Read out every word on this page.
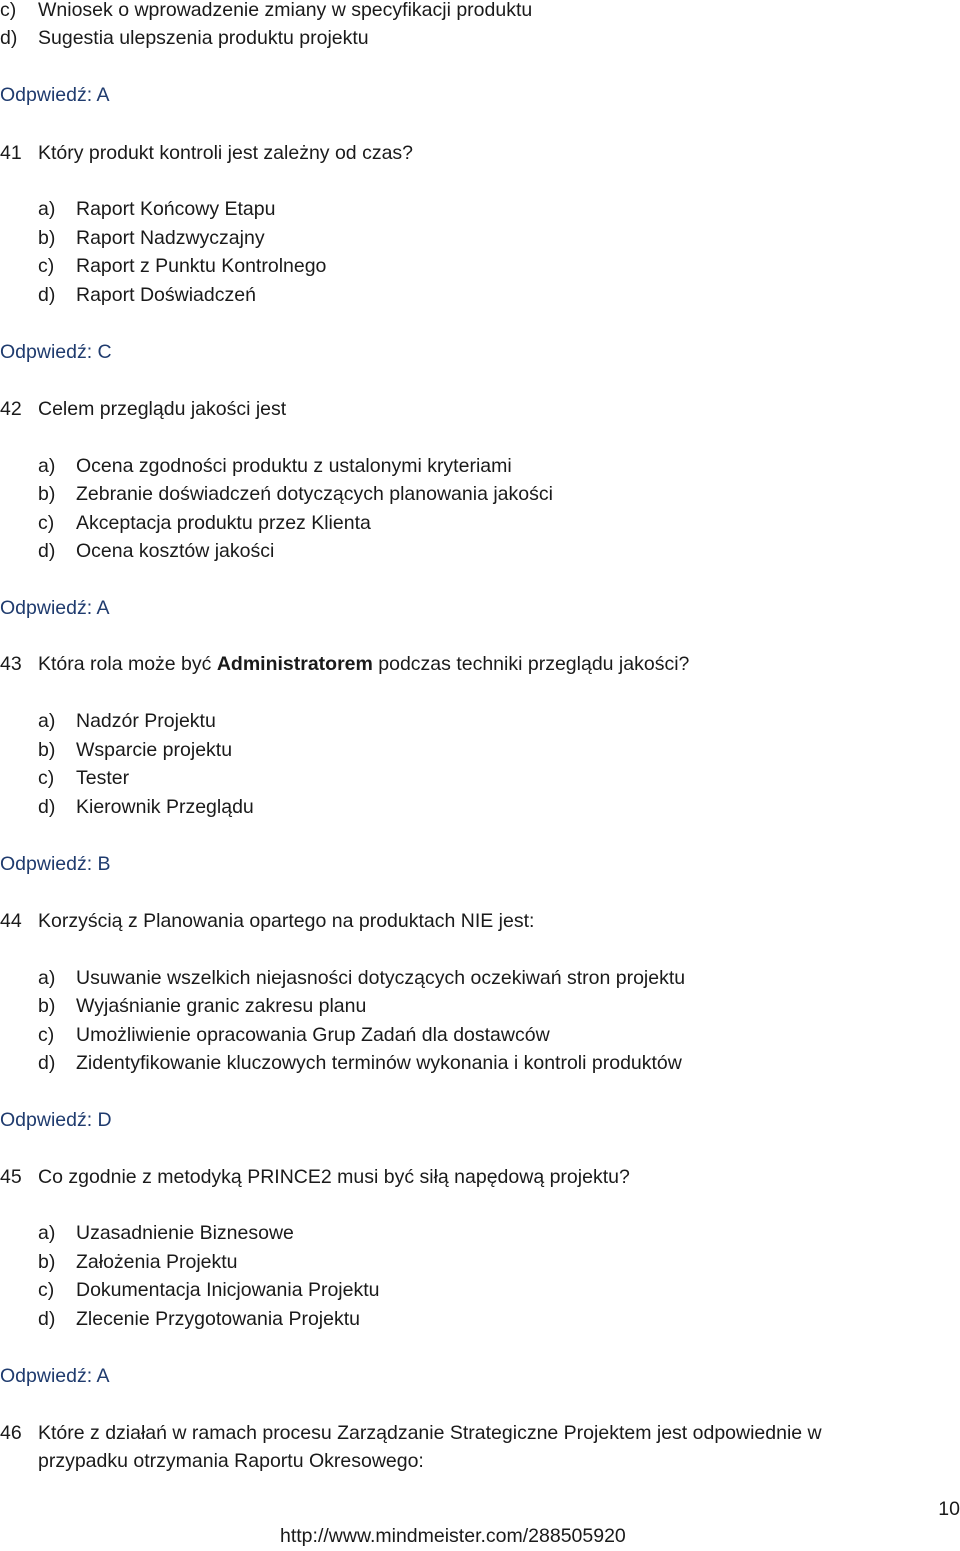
c) Wniosek o wprowadzenie zmiany w specyfikacji produktu
d) Sugestia ulepszenia produktu projektu
Odpwiedź: A
41 Który produkt kontroli jest zależny od czas?
a) Raport Końcowy Etapu
b) Raport Nadzwyczajny
c) Raport z Punktu Kontrolnego
d) Raport Doświadczeń
Odpwiedź: C
42 Celem przeglądu jakości jest
a) Ocena zgodności produktu z ustalonymi kryteriami
b) Zebranie doświadczeń dotyczących planowania jakości
c) Akceptacja produktu przez Klienta
d) Ocena kosztów jakości
Odpwiedź: A
43 Która rola może być Administratorem podczas techniki przeglądu jakości?
a) Nadzór Projektu
b) Wsparcie projektu
c) Tester
d) Kierownik Przeglądu
Odpwiedź: B
44 Korzyścią z Planowania opartego na produktach NIE jest:
a) Usuwanie wszelkich niejasności dotyczących oczekiwań stron projektu
b) Wyjaśnianie granic zakresu planu
c) Umożliwienie opracowania Grup Zadań dla dostawców
d) Zidentyfikowanie kluczowych terminów wykonania i kontroli produktów
Odpwiedź: D
45 Co zgodnie z metodyką PRINCE2 musi być siłą napędową projektu?
a) Uzasadnienie Biznesowe
b) Założenia Projektu
c) Dokumentacja Inicjowania Projektu
d) Zlecenie Przygotowania Projektu
Odpwiedź: A
46 Które z działań w ramach procesu Zarządzanie Strategiczne Projektem jest odpowiednie w
przypadku otrzymania Raportu Okresowego:
10
http://www.mindmeister.com/288505920
